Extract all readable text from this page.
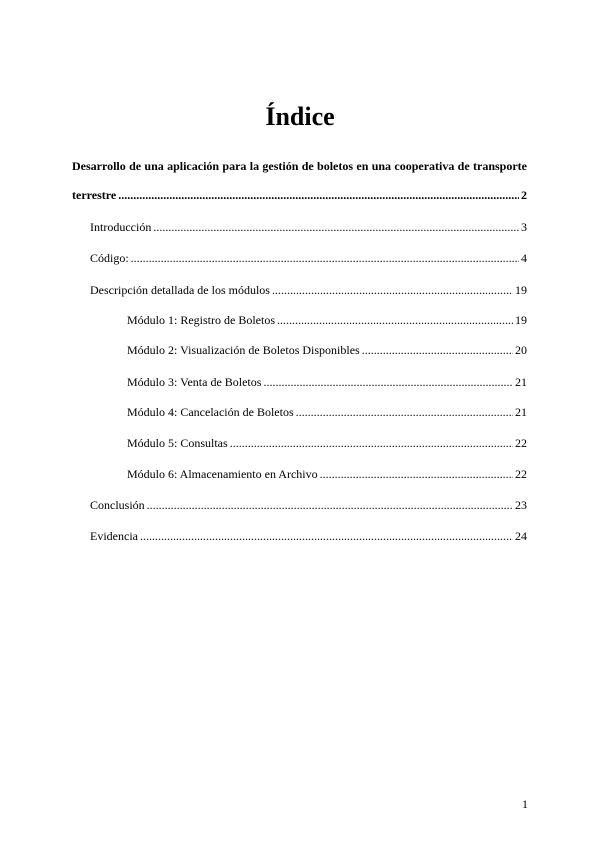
Índice
Desarrollo de una aplicación para la gestión de boletos en una cooperativa de transporte
terrestre .....	2
Introducción .....	3
Código: .....	4
Descripción detallada de los módulos .....	19
Módulo 1: Registro de Boletos .....	19
Módulo 2: Visualización de Boletos Disponibles .....	20
Módulo 3: Venta de Boletos .....	21
Módulo 4: Cancelación de Boletos .....	21
Módulo 5: Consultas .....	22
Módulo 6: Almacenamiento en Archivo .....	22
Conclusión .....	23
Evidencia .....	24
1
